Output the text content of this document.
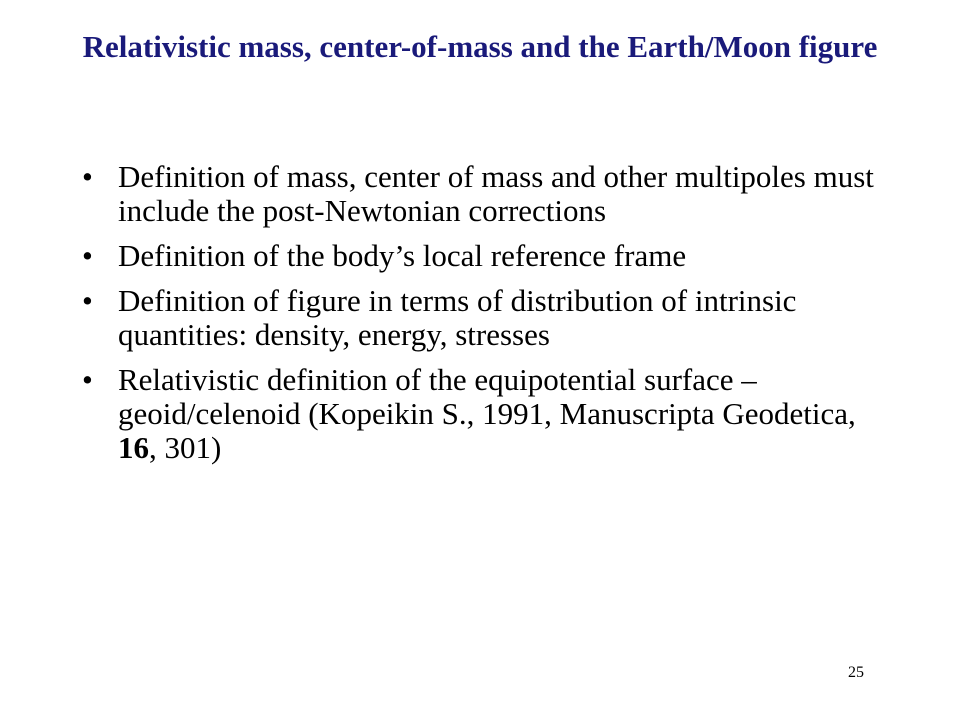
Relativistic mass, center-of-mass and the Earth/Moon figure
• Definition of mass, center of mass and other multipoles must include the post-Newtonian corrections
• Definition of the body’s local reference frame
• Definition of figure in terms of distribution of intrinsic quantities: density, energy, stresses
• Relativistic definition of the equipotential surface – geoid/celenoid (Kopeikin S., 1991, Manuscripta Geodetica, 16, 301)
25
